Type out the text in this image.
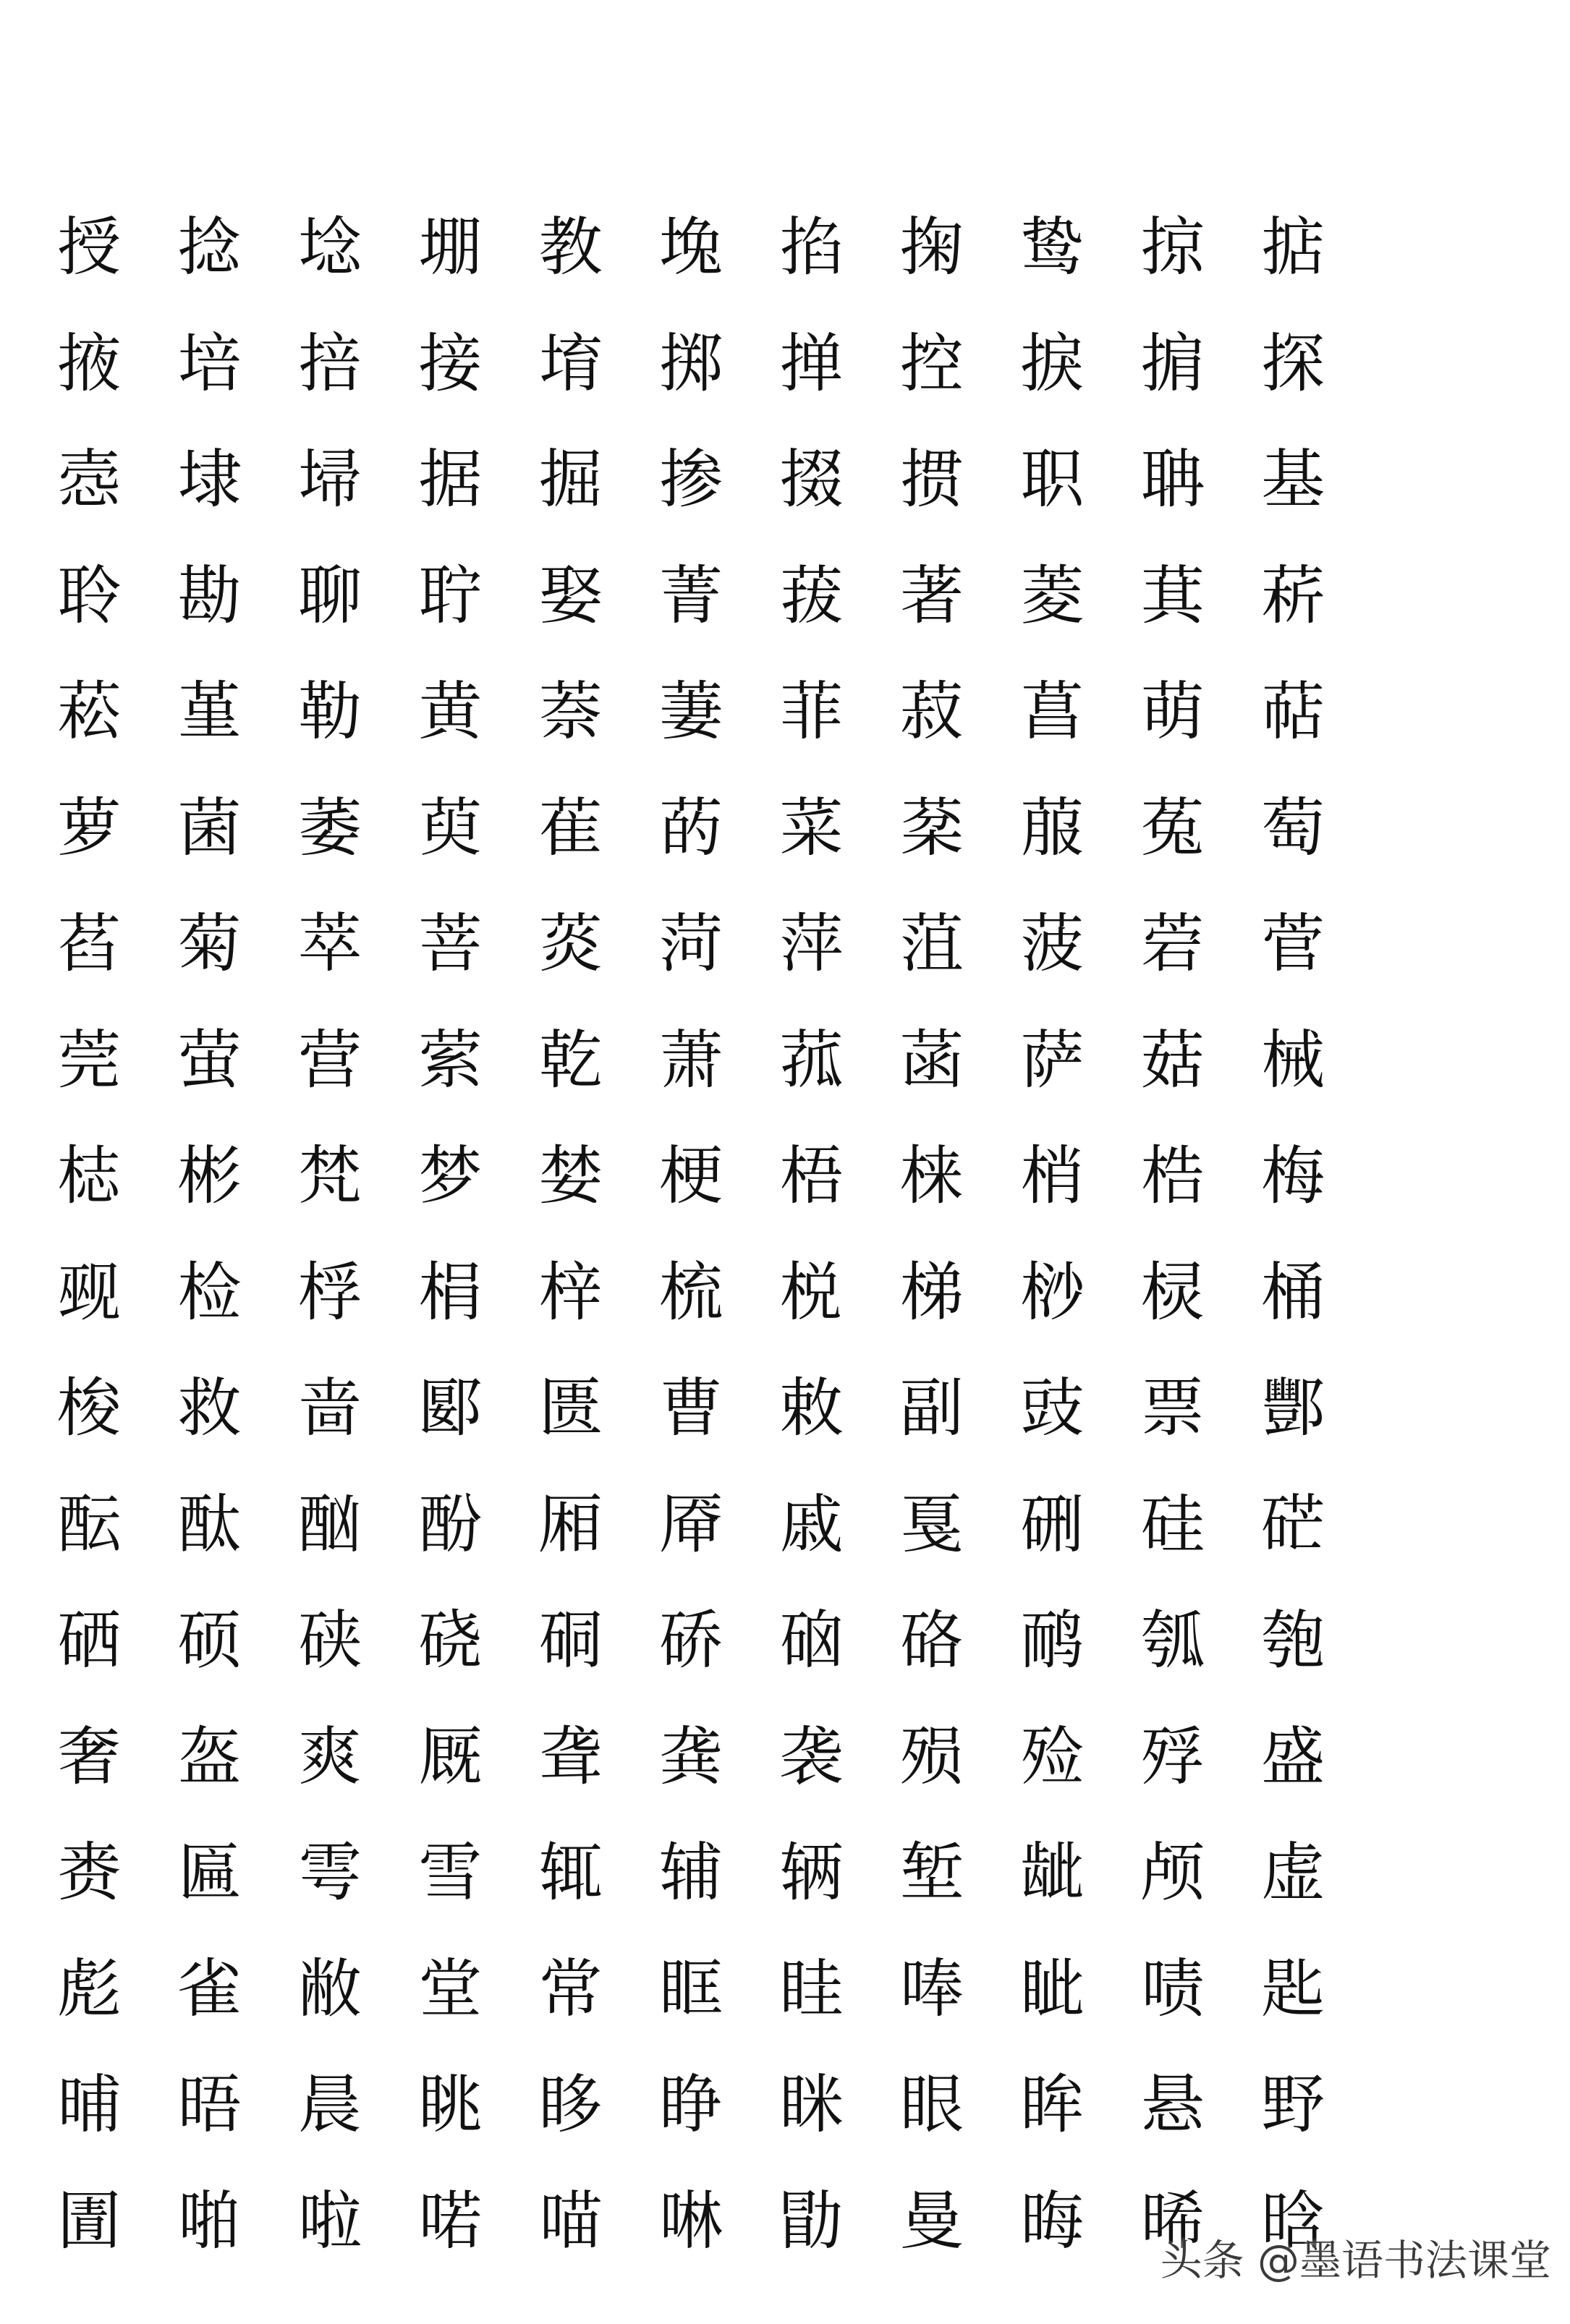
授 捻 埝 堋 教 堍 掐 掬 鸷 掠 掂
掖 培 掊 接 堉 掷 掸 控 捩 掮 探
悫 埭 埽 据 掘 掺 掇 掼 职 聃 基
聆 勘 聊 聍 娶 菁 菝 著 菱 萁 菥
菘 堇 勒 黄 萘 萋 菲 菽 菖 萌 萜
萝 菌 萎 萸 萑 菂 菜 棻 菔 菟 萄
萏 菊 萃 菩 菼 菏 萍 菹 菠 菪 菅
莞 萤 营 萦 乾 萧 菰 菡 萨 菇 械
梽 彬 梵 梦 婪 梗 梧 梾 梢 梏 梅
觋 检 桴 梋 梓 梳 棁 梯 桫 棂 桶
梭 救 啬 郾 匮 曹 敕 副 豉 票 酆
酝 酞 酗 酚 厢 厣 戚 戛 硎 硅 硭
硒 硕 硖 硗 硐 硚 硇 硌 鸸 瓠 匏
奢 盔 爽 厩 聋 龚 袭 殒 殓 殍 盛
赉 匾 雩 雪 辄 辅 辆 堑 龇 颅 虚
彪 雀 敝 堂 常 眶 眭 唪 眦 啧 匙
晡 晤 晨 眺 眵 睁 眯 眼 眸 悬 野
圊 啪 啦 喏 喵 啉 勖 曼 晦 晞 晗
头条 @墨语书法课堂
